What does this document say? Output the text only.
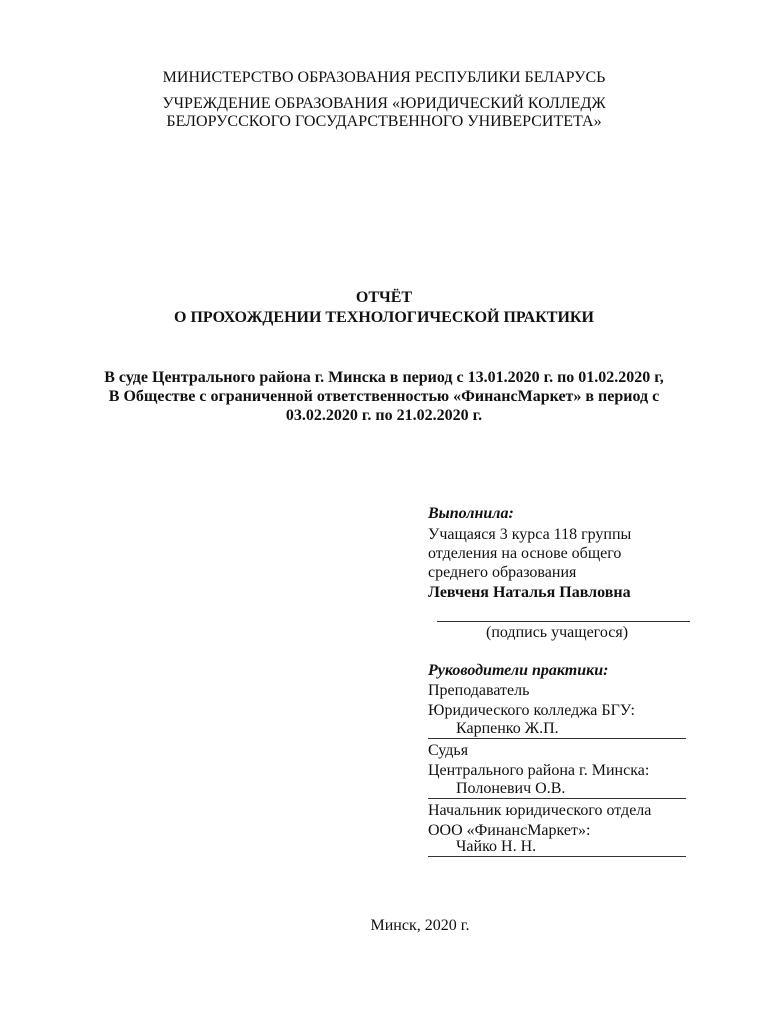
МИНИСТЕРСТВО ОБРАЗОВАНИЯ РЕСПУБЛИКИ БЕЛАРУСЬ
УЧРЕЖДЕНИЕ ОБРАЗОВАНИЯ «ЮРИДИЧЕСКИЙ КОЛЛЕДЖ
БЕЛОРУССКОГО ГОСУДАРСТВЕННОГО УНИВЕРСИТЕТА»
ОТЧЁТ
О ПРОХОЖДЕНИИ ТЕХНОЛОГИЧЕСКОЙ ПРАКТИКИ
В суде Центрального района г. Минска в период с 13.01.2020 г. по 01.02.2020 г,
В Обществе с ограниченной ответственностью «ФинансМаркет» в период с
03.02.2020 г. по 21.02.2020 г.
Выполнила:
Учащаяся 3 курса 118 группы
отделения на основе общего
среднего образования
Левченя Наталья Павловна
(подпись учащегося)
Руководители практики:
Преподаватель
Юридического колледжа БГУ:
Карпенко Ж.П.
Судья
Центрального района г. Минска:
Полоневич О.В.
Начальник юридического отдела
ООО «ФинансМаркет»:
Чайко Н. Н.
Минск, 2020 г.
